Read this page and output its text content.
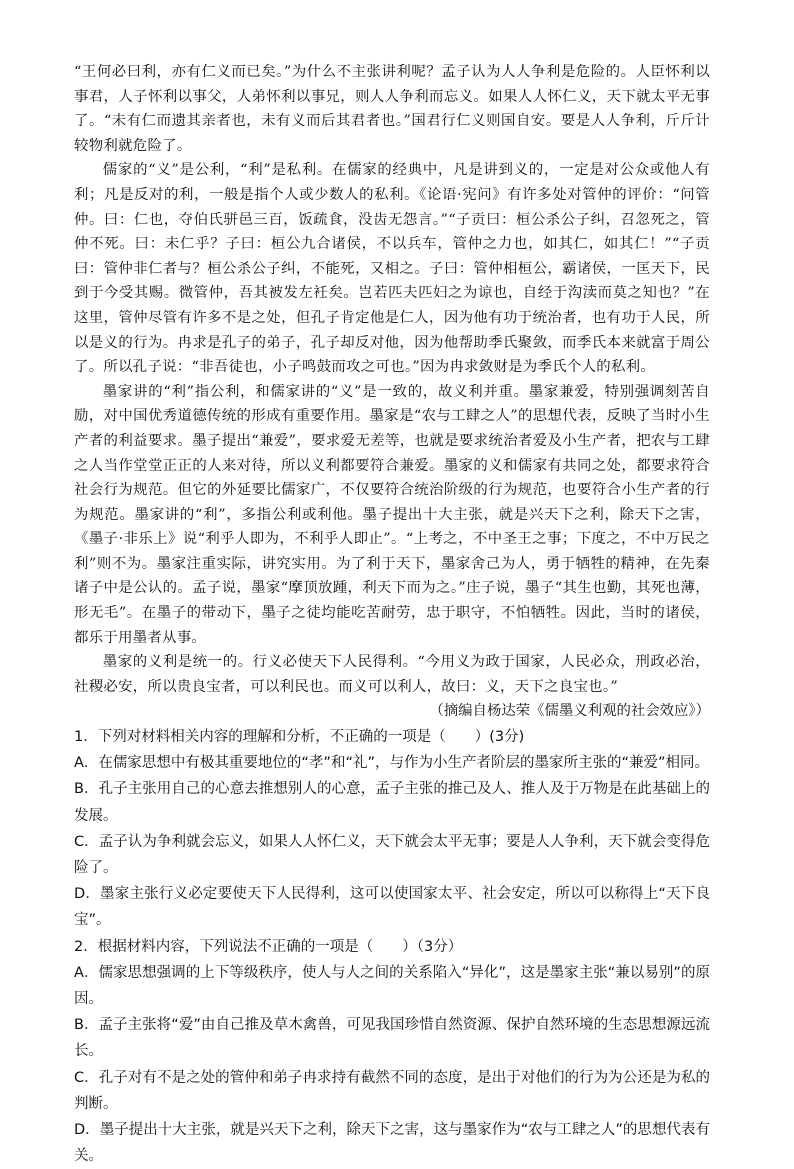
“王何必曰利，亦有仁义而已矣。”为什么不主张讲利呢？孟子认为人人争利是危险的。人臣怀利以事君，人子怀利以事父，人弟怀利以事兄，则人人争利而忘义。如果人人怀仁义，天下就太平无事了。“未有仁而遗其亲者也，未有义而后其君者也。”国君行仁义则国自安。要是人人争利，斤斤计较物利就危险了。

儒家的“义”是公利，“利”是私利。在儒家的经典中，凡是讲到义的，一定是对公众或他人有利；凡是反对的利，一般是指个人或少数人的私利。《论语·宪问》有许多处对管仲的评价：“问管仲。曰：仁也，夺伯氏骈邑三百，饭疏食，没齿无怨言。”“子贡曰：桓公杀公子纠，召忽死之，管仲不死。曰：未仁乎？子曰：桓公九合诸侯，不以兵车，管仲之力也，如其仁，如其仁！”“子贡曰：管仲非仁者与？桓公杀公子纠，不能死，又相之。子曰：管仲相桓公，霸诸侯，一匡天下，民到于今受其赐。微管仲，吾其被发左衽矣。岂若匹夫匹妇之为谅也，自经于沟渎而莫之知也？”在这里，管仲尽管有许多不是之处，但孔子肯定他是仁人，因为他有功于统治者，也有功于人民，所以是义的行为。冉求是孔子的弟子，孔子却反对他，因为他帮助季氏聚敛，而季氏本来就富于周公了。所以孔子说：“非吾徒也，小子鸣鼓而攻之可也。”因为冉求敛财是为季氏个人的私利。

墨家讲的“利”指公利，和儒家讲的“义”是一致的，故义利并重。墨家兼爱，特别强调刻苦自励，对中国优秀道德传统的形成有重要作用。墨家是“农与工肆之人”的思想代表，反映了当时小生产者的利益要求。墨子提出“兼爱”，要求爱无差等，也就是要求统治者爱及小生产者，把农与工肆之人当作堂堂正正的人来对待，所以义利都要符合兼爱。墨家的义和儒家有共同之处，都要求符合社会行为规范。但它的外延要比儒家广，不仅要符合统治阶级的行为规范，也要符合小生产者的行为规范。墨家讲的“利”，多指公利或利他。墨子提出十大主张，就是兴天下之利，除天下之害，《墨子·非乐上》说“利乎人即为，不利乎人即止”。“上考之，不中圣王之事；下度之，不中万民之利”则不为。墨家注重实际，讲究实用。为了利于天下，墨家舍己为人，勇于牺牲的精神，在先秦诸子中是公认的。孟子说，墨家“摩顶放踵，利天下而为之。”庄子说，墨子“其生也勤，其死也薄，形无毛”。在墨子的带动下，墨子之徒均能吃苦耐劳，忠于职守，不怕牺牲。因此，当时的诸侯，都乐于用墨者从事。

墨家的义利是统一的。行义必使天下人民得利。“今用义为政于国家，人民必众，刑政必治，社稷必安，所以贵良宝者，可以利民也。而义可以利人，故曰：义，天下之良宝也。”

（摘编自杨达荣《儒墨义利观的社会效应》）

1．下列对材料相关内容的理解和分析，不正确的一项是（　　）(3分)

A．在儒家思想中有极其重要地位的“孝”和“礼”，与作为小生产者阶层的墨家所主张的“兼爱”相同。

B．孔子主张用自己的心意去推想别人的心意，孟子主张的推己及人、推人及于万物是在此基础上的发展。

C．孟子认为争利就会忘义，如果人人怀仁义，天下就会太平无事；要是人人争利，天下就会变得危险了。

D．墨家主张行义必定要使天下人民得利，这可以使国家太平、社会安定，所以可以称得上“天下良宝”。

2．根据材料内容，下列说法不正确的一项是（　　）（3分）

A．儒家思想强调的上下等级秩序，使人与人之间的关系陷入“异化”，这是墨家主张“兼以易别”的原因。

B．孟子主张将“爱”由自己推及草木禽兽，可见我国珍惜自然资源、保护自然环境的生态思想源远流长。

C．孔子对有不是之处的管仲和弟子冉求持有截然不同的态度，是出于对他们的行为为公还是为私的判断。

D．墨子提出十大主张，就是兴天下之利，除天下之害，这与墨家作为“农与工肆之人”的思想代表有关。
